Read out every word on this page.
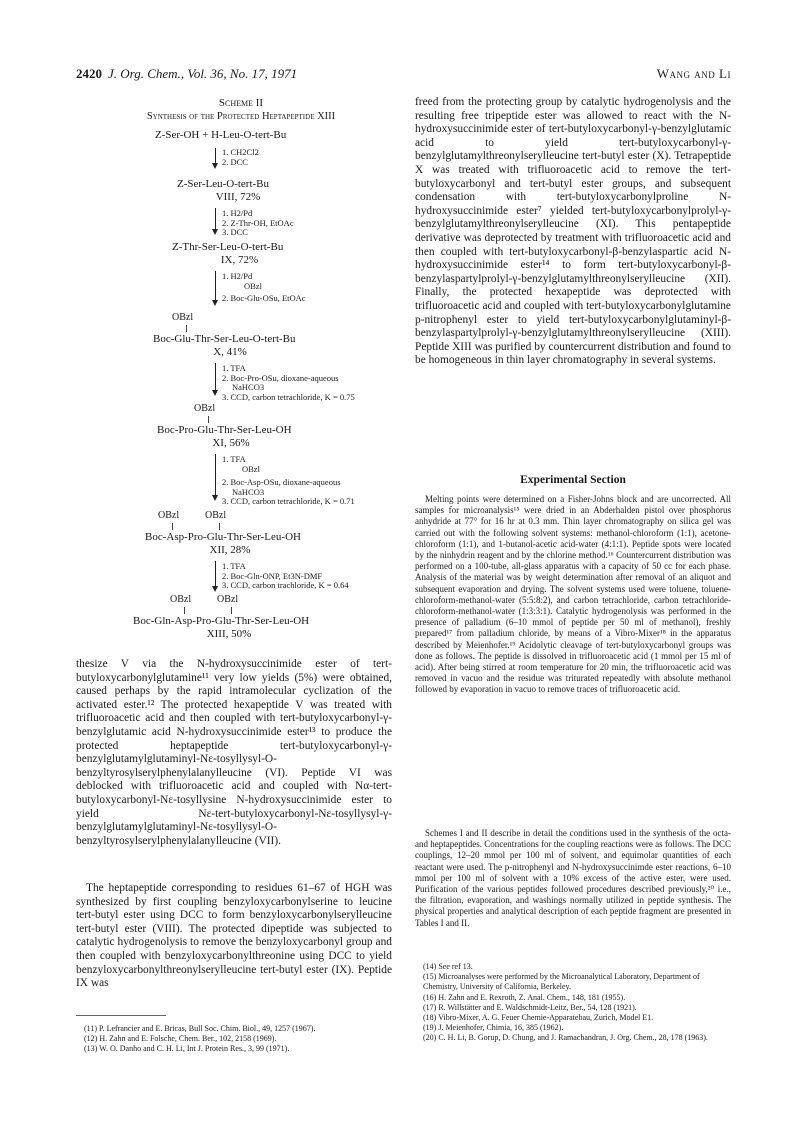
2420 J. Org. Chem., Vol. 36, No. 17, 1971	Wang and Li
Scheme II
Synthesis of the Protected Heptapeptide XIII
Z-Ser-OH + H-Leu-O-tert-Bu
1. CH2Cl2
2. DCC
Z-Ser-Leu-O-tert-Bu
VIII, 72%
1. H2/Pd
2. Z-Thr-OH, EtOAc
3. DCC
Z-Thr-Ser-Leu-O-tert-Bu
IX, 72%
1. H2/Pd
OBzl
2. Boc-Glu-OSu, EtOAc
OBzl
Boc-Glu-Thr-Ser-Leu-O-tert-Bu
X, 41%
1. TFA
2. Boc-Pro-OSu, dioxane-aqueous
NaHCO3
3. CCD, carbon tetrachloride, K = 0.75
OBzl
Boc-Pro-Glu-Thr-Ser-Leu-OH
XI, 56%
1. TFA
OBzl
2. Boc-Asp-OSu, dioxane-aqueous
NaHCO3
3. CCD, carbon tetrachloride, K = 0.71
OBzl	OBzl
Boc-Asp-Pro-Glu-Thr-Ser-Leu-OH
XII, 28%
1. TFA
2. Boc-Gln-ONP, Et3N-DMF
3. CCD, carbon trachloride, K = 0.64
OBzl	OBzl
Boc-Gln-Asp-Pro-Glu-Thr-Ser-Leu-OH
XIII, 50%
thesize V via the N-hydroxysuccinimide ester of tert-butyloxycarbonylglutamine¹¹ very low yields (5%) were obtained, caused perhaps by the rapid intramolecular cyclization of the activated ester.¹² The protected hexapeptide V was treated with trifluoroacetic acid and then coupled with tert-butyloxycarbonyl-γ-benzylglutamic acid N-hydroxysuccinimide ester¹³ to produce the protected heptapeptide tert-butyloxycarbonyl-γ-benzylglutamylglutaminyl-Nε-tosyllysyl-O-benzyltyrosylserylphenylalanylleucine (VI). Peptide VI was deblocked with trifluoroacetic acid and coupled with Nα-tert-butyloxycarbonyl-Nε-tosyllysine N-hydroxysuccinimide ester to yield Nε-tert-butyloxycarbonyl-Nε-tosyllysyl-γ-benzylglutamylglutaminyl-Nε-tosyllysyl-O-benzyltyrosylserylphenylalanylleucine (VII).
The heptapeptide corresponding to residues 61–67 of HGH was synthesized by first coupling benzyloxycarbonylserine to leucine tert-butyl ester using DCC to form benzyloxycarbonylserylleucine tert-butyl ester (VIII). The protected dipeptide was subjected to catalytic hydrogenolysis to remove the benzyloxycarbonyl group and then coupled with benzyloxycarbonylthreonine using DCC to yield benzyloxycarbonylthreonylserylleucine tert-butyl ester (IX). Peptide IX was
(11) P. Lefrancier and E. Bricas, Bull Soc. Chim. Biol., 49, 1257 (1967).
(12) H. Zahn and E. Folsche, Chem. Ber., 102, 2158 (1969).
(13) W. O. Danho and C. H. Li, Int J. Protein Res., 3, 99 (1971).
freed from the protecting group by catalytic hydrogenolysis and the resulting free tripeptide ester was allowed to react with the N-hydroxysuccinimide ester of tert-butyloxycarbonyl-γ-benzylglutamic acid to yield tert-butyloxycarbonyl-γ-benzylglutamylthreonylserylleucine tert-butyl ester (X). Tetrapeptide X was treated with trifluoroacetic acid to remove the tert-butyloxycarbonyl and tert-butyl ester groups, and subsequent condensation with tert-butyloxycarbonylproline N-hydroxysuccinimide ester⁷ yielded tert-butyloxycarbonylprolyl-γ-benzylglutamylthreonylserylleucine (XI). This pentapeptide derivative was deprotected by treatment with trifluoroacetic acid and then coupled with tert-butyloxycarbonyl-β-benzylaspartic acid N-hydroxysuccinimide ester¹⁴ to form tert-butyloxycarbonyl-β-benzylaspartylprolyl-γ-benzylglutamylthreonylserylleucine (XII). Finally, the protected hexapeptide was deprotected with trifluoroacetic acid and coupled with tert-butyloxycarbonylglutamine p-nitrophenyl ester to yield tert-butyloxycarbonylglutaminyl-β-benzylaspartylprolyl-γ-benzylglutamylthreonylserylleucine (XIII). Peptide XIII was purified by countercurrent distribution and found to be homogeneous in thin layer chromatography in several systems.
Experimental Section
Melting points were determined on a Fisher-Johns block and are uncorrected. All samples for microanalysis¹⁵ were dried in an Abderhalden pistol over phosphorus anhydride at 77° for 16 hr at 0.3 mm. Thin layer chromatography on silica gel was carried out with the following solvent systems: methanol-chloroform (1:1), acetone-chloroform (1:1), and 1-butanol-acetic acid-water (4:1:1). Peptide spots were located by the ninhydrin reagent and by the chlorine method.¹⁶ Countercurrent distribution was performed on a 100-tube, all-glass apparatus with a capacity of 50 cc for each phase. Analysis of the material was by weight determination after removal of an aliquot and subsequent evaporation and drying. The solvent systems used were toluene, toluene-chloroform-methanol-water (5:5:8:2), and carbon tetrachloride, carbon tetrachloride-chloroform-methanol-water (1:3:3:1). Catalytic hydrogenolysis was performed in the presence of palladium (6–10 mmol of peptide per 50 ml of methanol), freshly prepared¹⁷ from palladium chloride, by means of a Vibro-Mixer¹⁸ in the apparatus described by Meienhofer.¹⁹ Acidolytic cleavage of tert-butyloxycarbonyl groups was done as follows. The peptide is dissolved in trifluoroacetic acid (1 mmol per 15 ml of acid). After being stirred at room temperature for 20 min, the trifluoroacetic acid was removed in vacuo and the residue was triturated repeatedly with absolute methanol followed by evaporation in vacuo to remove traces of trifluoroacetic acid.
Schemes I and II describe in detail the conditions used in the synthesis of the octa- and heptapeptides. Concentrations for the coupling reactions were as follows. The DCC couplings, 12–20 mmol per 100 ml of solvent, and equimolar quantities of each reactant were used. The p-nitrophenyl and N-hydroxysuccinimde ester reactions, 6–10 mmol per 100 ml of solvent with a 10% excess of the active ester, were used. Purification of the various peptides followed procedures described previously,²⁰ i.e., the filtration, evaporation, and washings normally utilized in peptide synthesis. The physical properties and analytical description of each peptide fragment are presented in Tables I and II.
(14) See ref 13.
(15) Microanalyses were performed by the Microanalytical Laboratory, Department of Chemistry, University of California, Berkeley.
(16) H. Zahn and E. Rexroth, Z. Anal. Chem., 148, 181 (1955).
(17) R. Willstätter and E. Waldschmidt-Leitz, Ber., 54, 128 (1921).
(18) Vibro-Mixer, A. G. Feuer Chemie-Apparatebau, Zurich, Model E1.
(19) J. Meienhofer, Chimia, 16, 385 (1962).
(20) C. H. Li, B. Gorup, D. Chung, and J. Ramachandran, J. Org. Chem., 28, 178 (1963).
